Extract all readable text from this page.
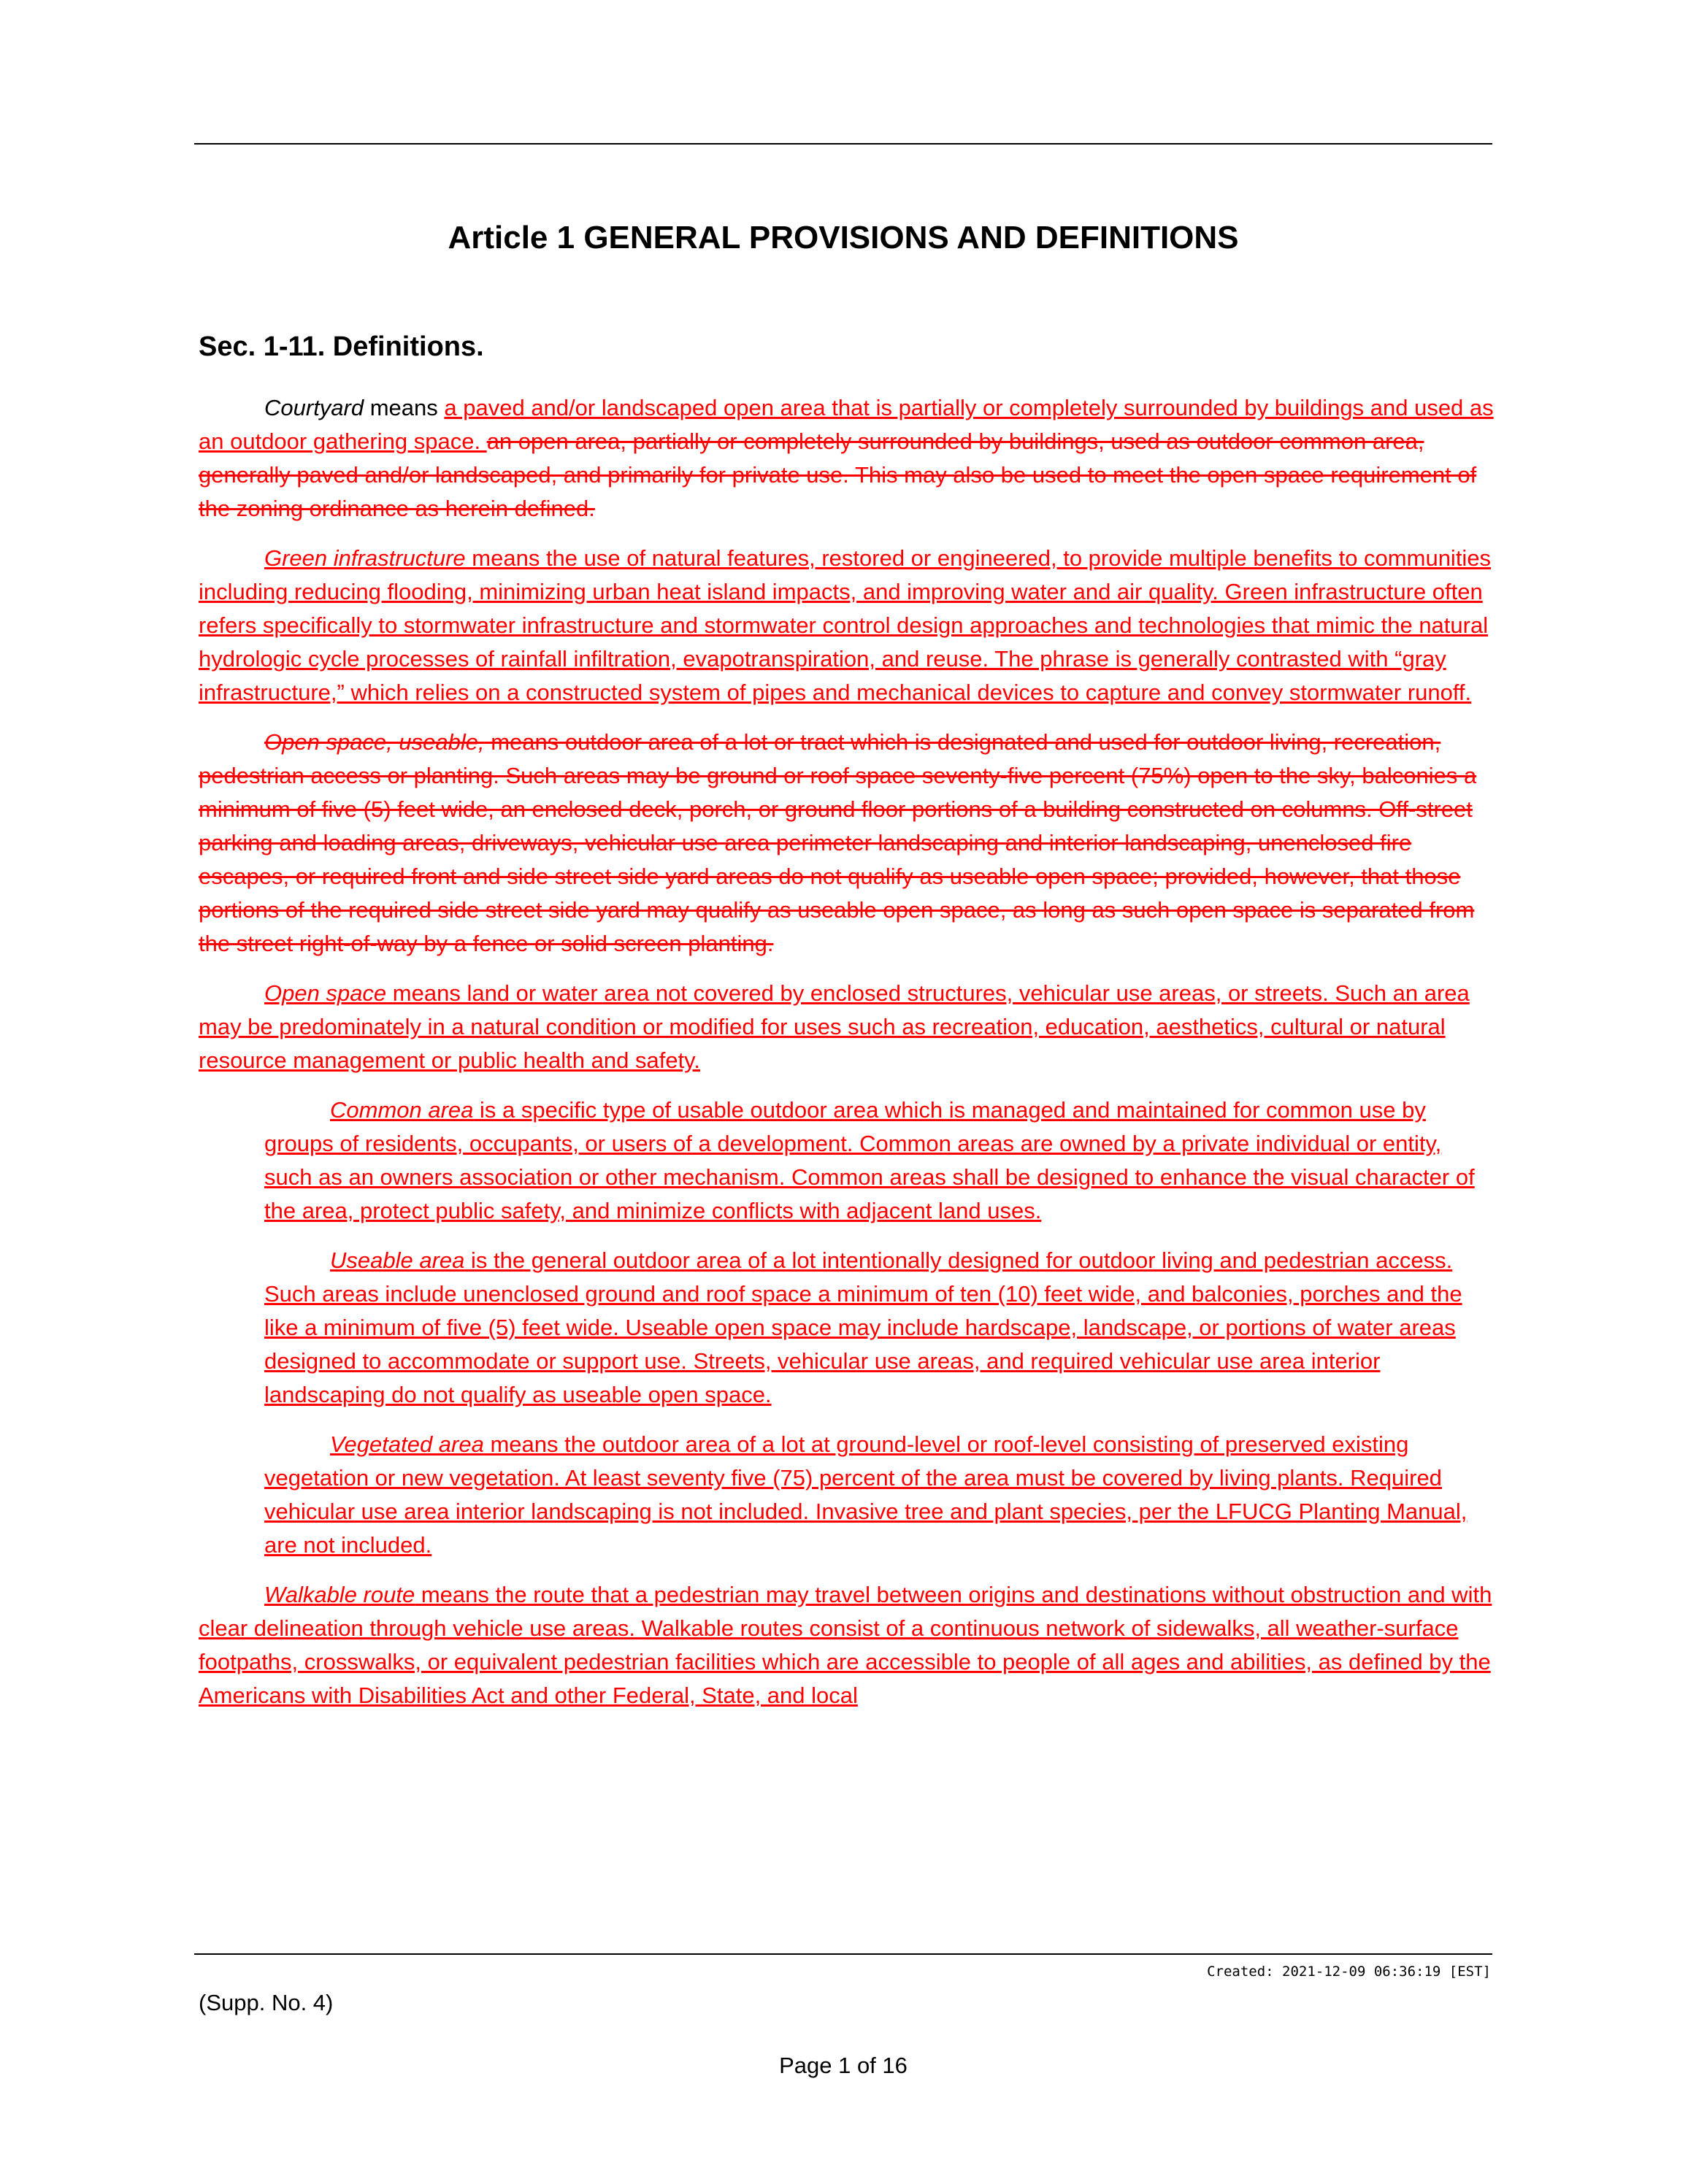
Article 1 GENERAL PROVISIONS AND DEFINITIONS
Sec. 1-11. Definitions.

Courtyard means a paved and/or landscaped open area that is partially or completely surrounded by buildings and used as an outdoor gathering space. an open area, partially or completely surrounded by buildings, used as outdoor common area, generally paved and/or landscaped, and primarily for private use. This may also be used to meet the open space requirement of the zoning ordinance as herein defined.

Green infrastructure means the use of natural features, restored or engineered, to provide multiple benefits to communities including reducing flooding, minimizing urban heat island impacts, and improving water and air quality. Green infrastructure often refers specifically to stormwater infrastructure and stormwater control design approaches and technologies that mimic the natural hydrologic cycle processes of rainfall infiltration, evapotranspiration, and reuse. The phrase is generally contrasted with “gray infrastructure,” which relies on a constructed system of pipes and mechanical devices to capture and convey stormwater runoff.

Open space, useable, means outdoor area of a lot or tract which is designated and used for outdoor living, recreation, pedestrian access or planting. Such areas may be ground or roof space seventy-five percent (75%) open to the sky, balconies a minimum of five (5) feet wide, an enclosed deck, porch, or ground floor portions of a building constructed on columns. Off-street parking and loading areas, driveways, vehicular use area perimeter landscaping and interior landscaping, unenclosed fire escapes, or required front and side street side yard areas do not qualify as useable open space; provided, however, that those portions of the required side street side yard may qualify as useable open space, as long as such open space is separated from the street right-of-way by a fence or solid screen planting.

Open space means land or water area not covered by enclosed structures, vehicular use areas, or streets. Such an area may be predominately in a natural condition or modified for uses such as recreation, education, aesthetics, cultural or natural resource management or public health and safety.

Common area is a specific type of usable outdoor area which is managed and maintained for common use by groups of residents, occupants, or users of a development. Common areas are owned by a private individual or entity, such as an owners association or other mechanism. Common areas shall be designed to enhance the visual character of the area, protect public safety, and minimize conflicts with adjacent land uses.

Useable area is the general outdoor area of a lot intentionally designed for outdoor living and pedestrian access. Such areas include unenclosed ground and roof space a minimum of ten (10) feet wide, and balconies, porches and the like a minimum of five (5) feet wide. Useable open space may include hardscape, landscape, or portions of water areas designed to accommodate or support use. Streets, vehicular use areas, and required vehicular use area interior landscaping do not qualify as useable open space.

Vegetated area means the outdoor area of a lot at ground-level or roof-level consisting of preserved existing vegetation or new vegetation. At least seventy five (75) percent of the area must be covered by living plants. Required vehicular use area interior landscaping is not included. Invasive tree and plant species, per the LFUCG Planting Manual, are not included.

Walkable route means the route that a pedestrian may travel between origins and destinations without obstruction and with clear delineation through vehicle use areas. Walkable routes consist of a continuous network of sidewalks, all weather-surface footpaths, crosswalks, or equivalent pedestrian facilities which are accessible to people of all ages and abilities, as defined by the Americans with Disabilities Act and other Federal, State, and local

Created: 2021-12-09 06:36:19 [EST]
(Supp. No. 4)
Page 1 of 16
